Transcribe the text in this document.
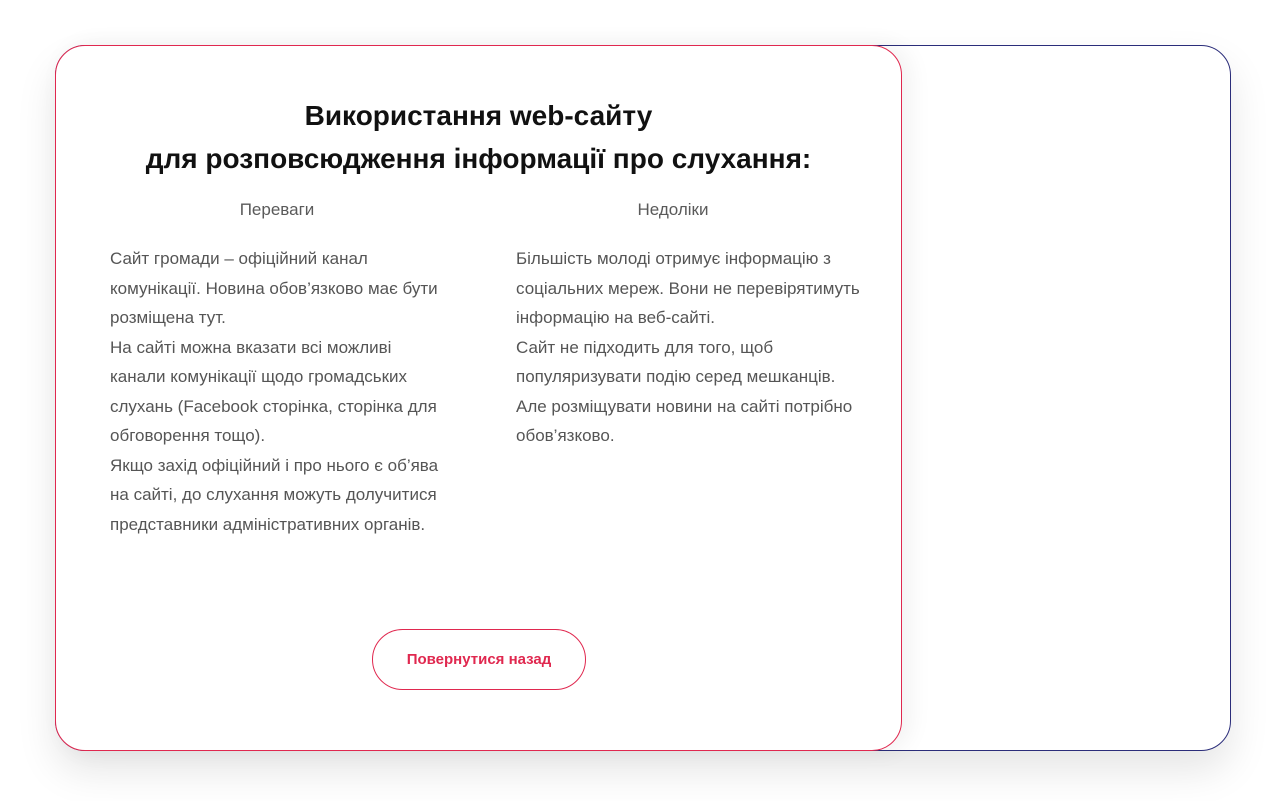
Використання web-сайту
для розповсюдження інформації про слухання:
Переваги

Сайт громади – офіційний канал комунікації. Новина обов’язково має бути розміщена тут.

На сайті можна вказати всі можливі канали комунікації щодо громадських слухань (Facebook сторінка, сторінка для обговорення тощо).

Якщо захід офіційний і про нього є об’ява на сайті, до слухання можуть долучитися представники адміністративних органів.

Недоліки

Більшість молоді отримує інформацію з соціальних мереж. Вони не перевірятимуть інформацію на веб-сайті.

Сайт не підходить для того, щоб популяризувати подію серед мешканців. Але розміщувати новини на сайті потрібно обов’язково.

Повернутися назад
